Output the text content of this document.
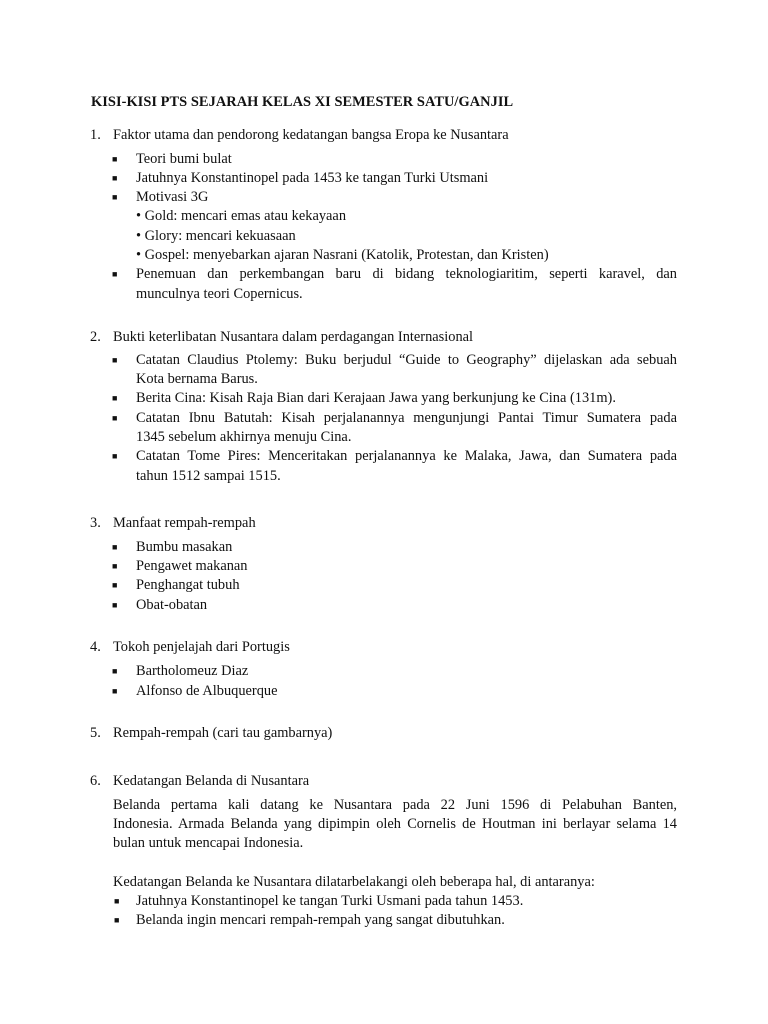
KISI-KISI PTS SEJARAH KELAS XI SEMESTER SATU/GANJIL
1. Faktor utama dan pendorong kedatangan bangsa Eropa ke Nusantara
■ Teori bumi bulat
■ Jatuhnya Konstantinopel pada 1453 ke tangan Turki Utsmani
■ Motivasi 3G
• Gold: mencari emas atau kekayaan
• Glory: mencari kekuasaan
• Gospel: menyebarkan ajaran Nasrani (Katolik, Protestan, dan Kristen)
■ Penemuan dan perkembangan baru di bidang teknologiaritim, seperti karavel, dan
munculnya teori Copernicus.
2. Bukti keterlibatan Nusantara dalam perdagangan Internasional
■ Catatan Claudius Ptolemy: Buku berjudul “Guide to Geography” dijelaskan ada sebuah
Kota bernama Barus.
■ Berita Cina: Kisah Raja Bian dari Kerajaan Jawa yang berkunjung ke Cina (131m).
■ Catatan Ibnu Batutah: Kisah perjalanannya mengunjungi Pantai Timur Sumatera pada
1345 sebelum akhirnya menuju Cina.
■ Catatan Tome Pires: Menceritakan perjalanannya ke Malaka, Jawa, dan Sumatera pada
tahun 1512 sampai 1515.
3. Manfaat rempah-rempah
■ Bumbu masakan
■ Pengawet makanan
■ Penghangat tubuh
■ Obat-obatan
4. Tokoh penjelajah dari Portugis
■ Bartholomeuz Diaz
■ Alfonso de Albuquerque
5. Rempah-rempah (cari tau gambarnya)
6. Kedatangan Belanda di Nusantara
Belanda pertama kali datang ke Nusantara pada 22 Juni 1596 di Pelabuhan Banten,
Indonesia. Armada Belanda yang dipimpin oleh Cornelis de Houtman ini berlayar selama 14
bulan untuk mencapai Indonesia.
Kedatangan Belanda ke Nusantara dilatarbelakangi oleh beberapa hal, di antaranya:
■ Jatuhnya Konstantinopel ke tangan Turki Usmani pada tahun 1453.
■ Belanda ingin mencari rempah-rempah yang sangat dibutuhkan.
